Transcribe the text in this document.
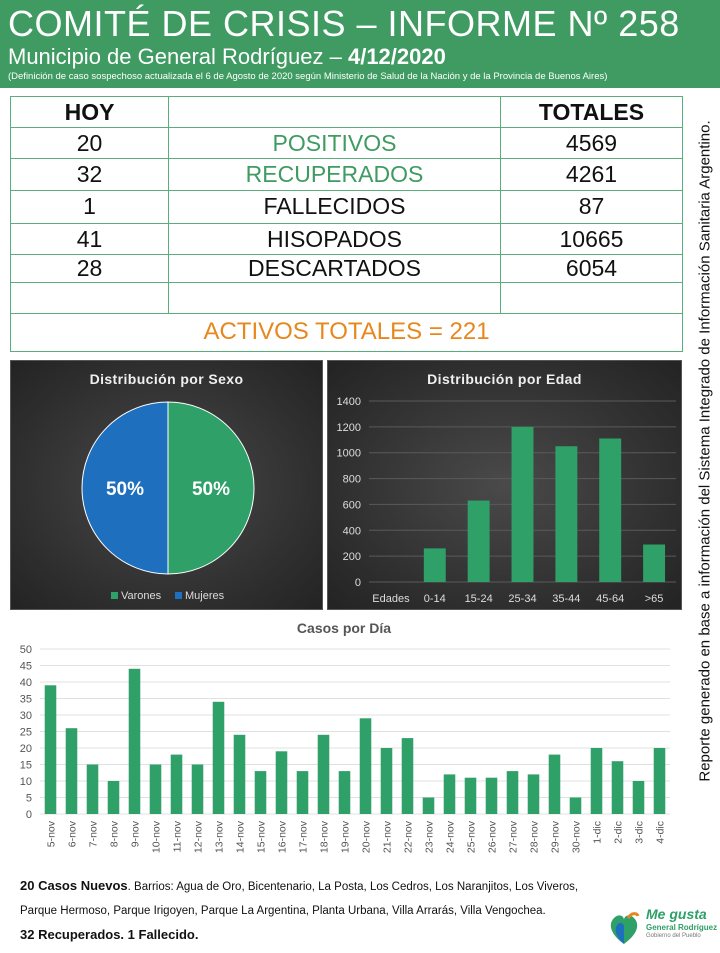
COMITÉ DE CRISIS – INFORME Nº 258
Municipio de General Rodríguez – 4/12/2020
(Definición de caso sospechoso actualizada el 6 de Agosto de 2020 según Ministerio de Salud de la Nación y de la Provincia de Buenos Aires)
HOY		TOTALES
20	POSITIVOS	4569
32	RECUPERADOS	4261
1	FALLECIDOS	87
41	HISOPADOS	10665
28	DESCARTADOS	6054

ACTIVOS TOTALES = 221		
Distribución por Sexo
50%
50%
Varones Mujeres
Distribución por Edad
0
200
400
600
800
1000
1200
1400
Edades 0-14 15-24 25-34 35-44 45-64 >65
Casos por Día
0
5
10
15
20
25
30
35
40
45
50
5-nov 6-nov 7-nov 8-nov 9-nov 10-nov 11-nov 12-nov 13-nov 14-nov 15-nov 16-nov 17-nov 18-nov 19-nov 20-nov 21-nov 22-nov 23-nov 24-nov 25-nov 26-nov 27-nov 28-nov 29-nov 30-nov 1-dic 2-dic 3-dic 4-dic
Reporte generado en base a información del Sistema Integrado de Información Sanitaria Argentino.
20 Casos Nuevos. Barrios: Agua de Oro, Bicentenario, La Posta, Los Cedros, Los Naranjitos, Los Viveros, Parque Hermoso, Parque Irigoyen, Parque La Argentina, Planta Urbana, Villa Arrarás, Villa Vengochea.
32 Recuperados. 1 Fallecido.
Me gusta
General Rodríguez
Gobierno del Pueblo
